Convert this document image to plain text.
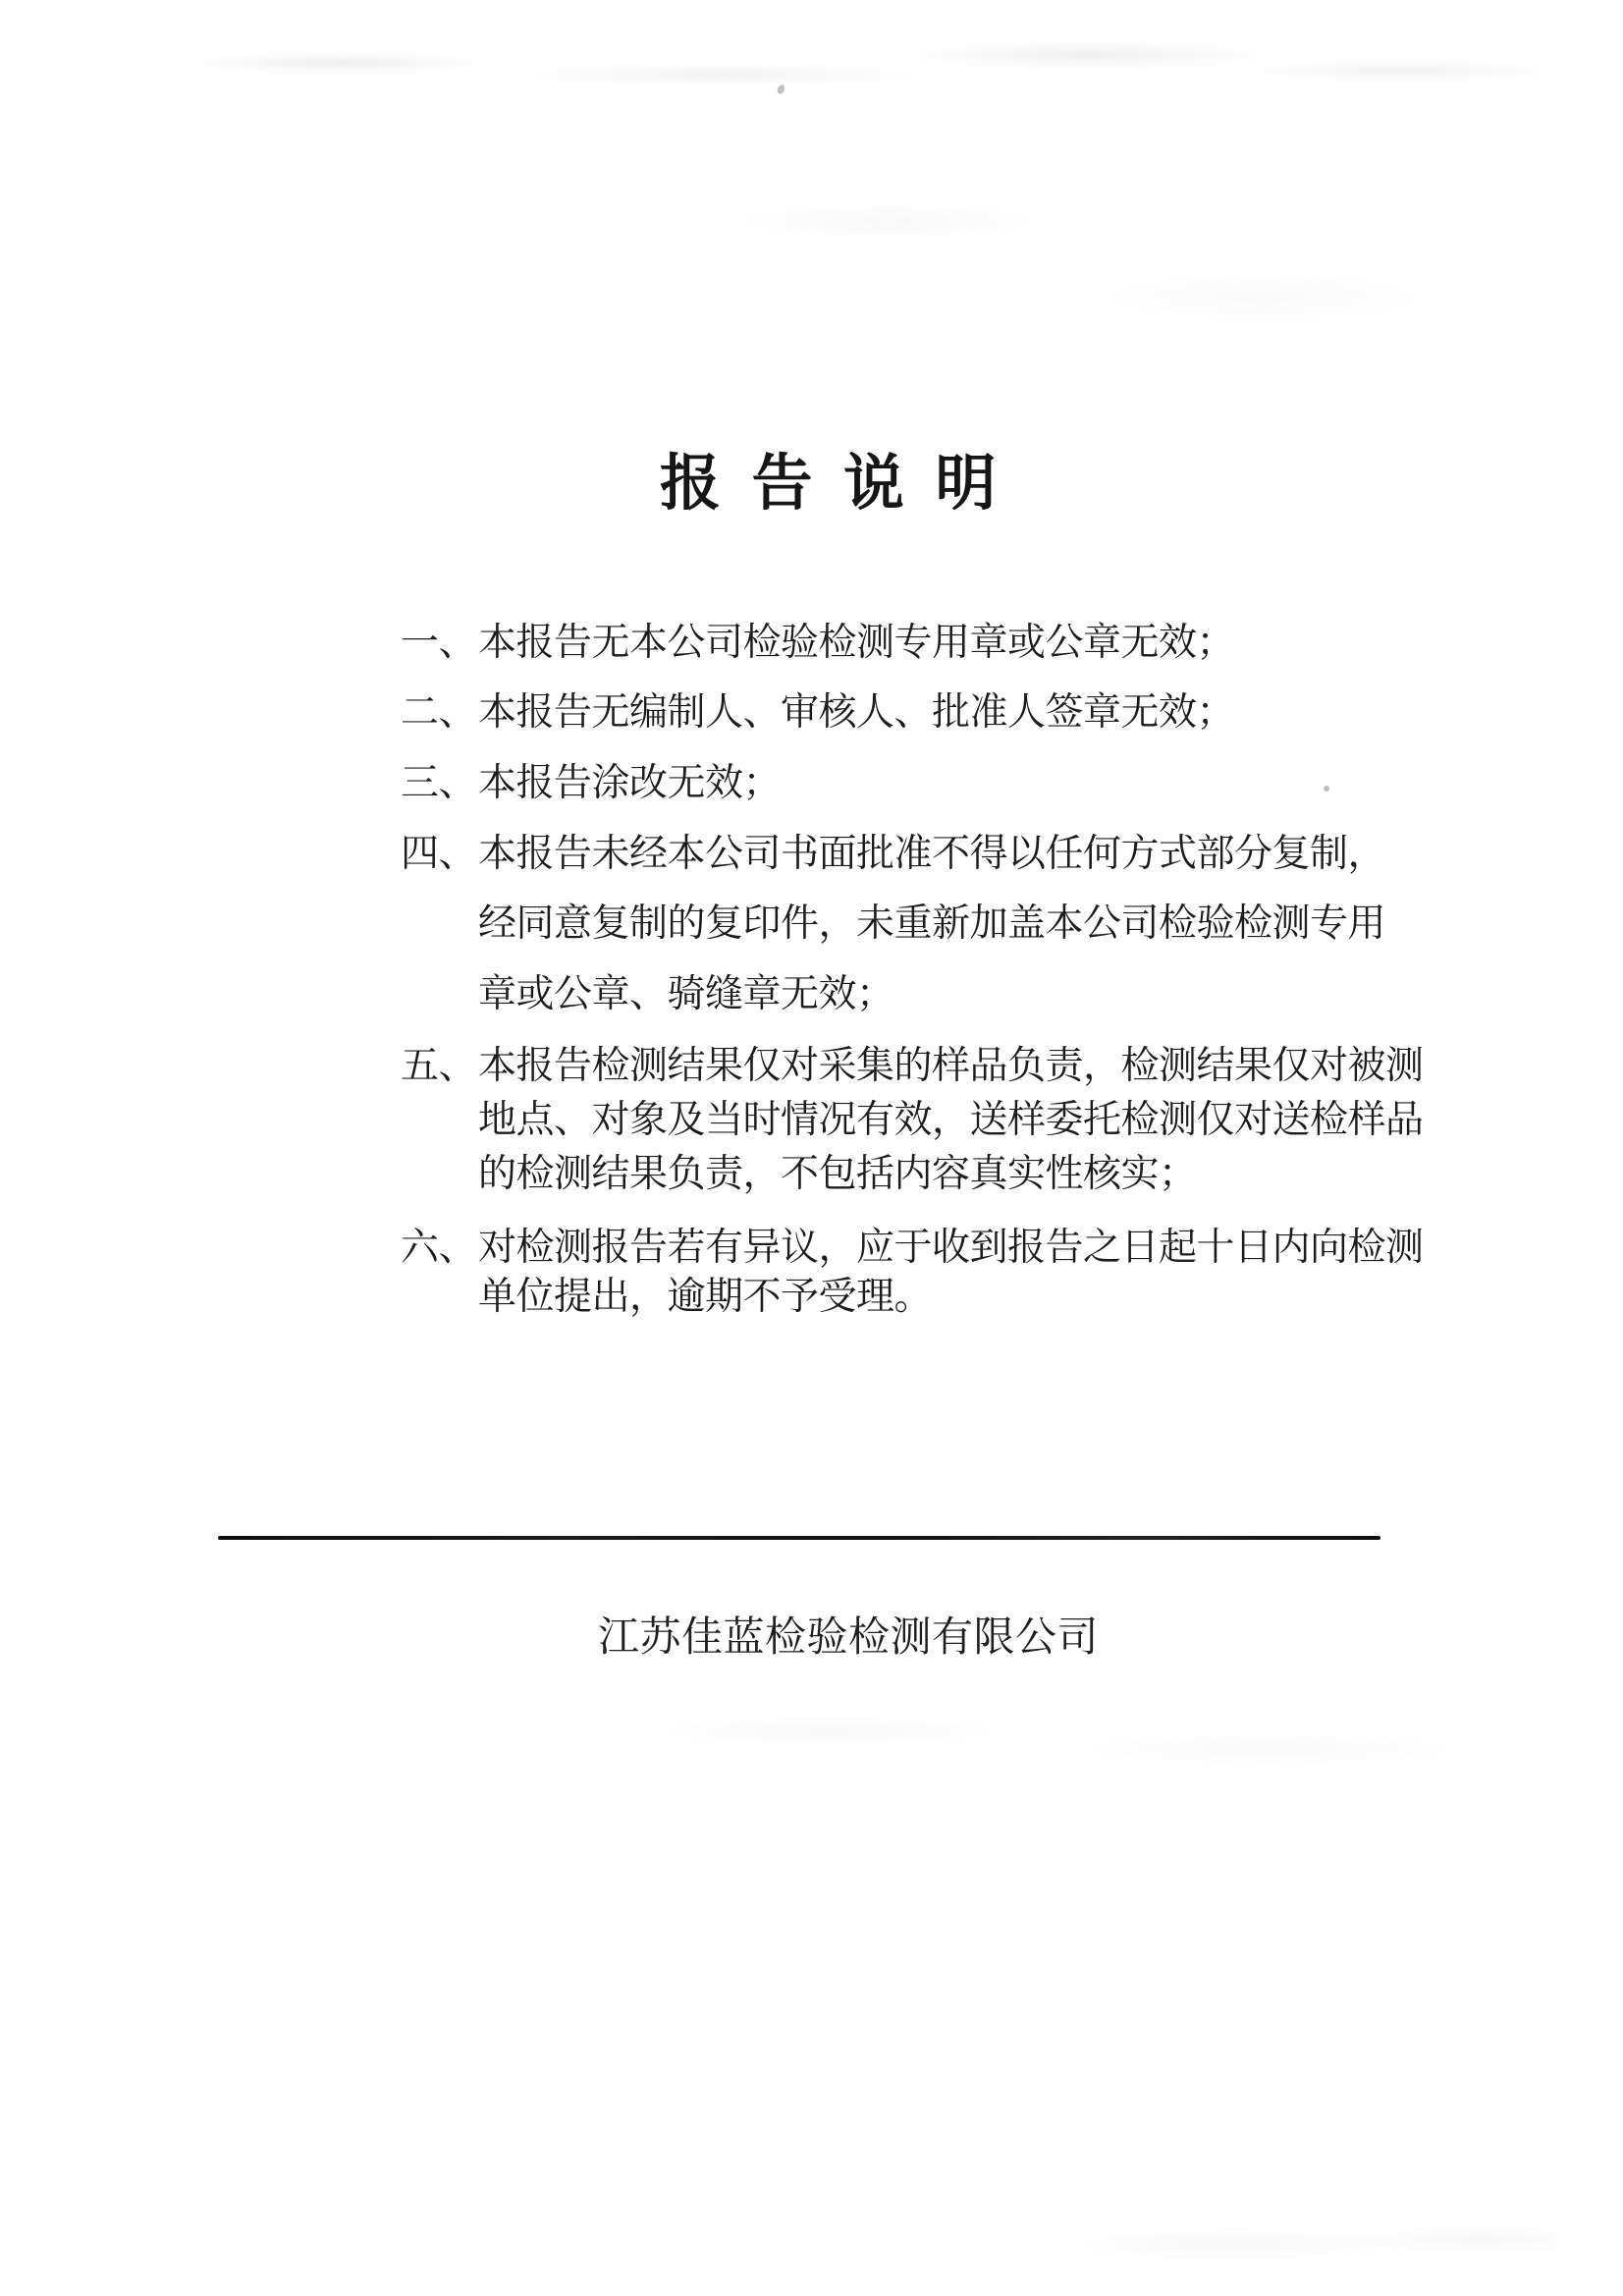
报 告 说 明
一、本报告无本公司检验检测专用章或公章无效；
二、本报告无编制人、审核人、批准人签章无效；
三、本报告涂改无效；
四、本报告未经本公司书面批准不得以任何方式部分复制，
经同意复制的复印件，未重新加盖本公司检验检测专用
章或公章、骑缝章无效；
五、本报告检测结果仅对采集的样品负责，检测结果仅对被测
地点、对象及当时情况有效，送样委托检测仅对送检样品
的检测结果负责，不包括内容真实性核实；
六、对检测报告若有异议，应于收到报告之日起十日内向检测
单位提出，逾期不予受理。
江苏佳蓝检验检测有限公司
